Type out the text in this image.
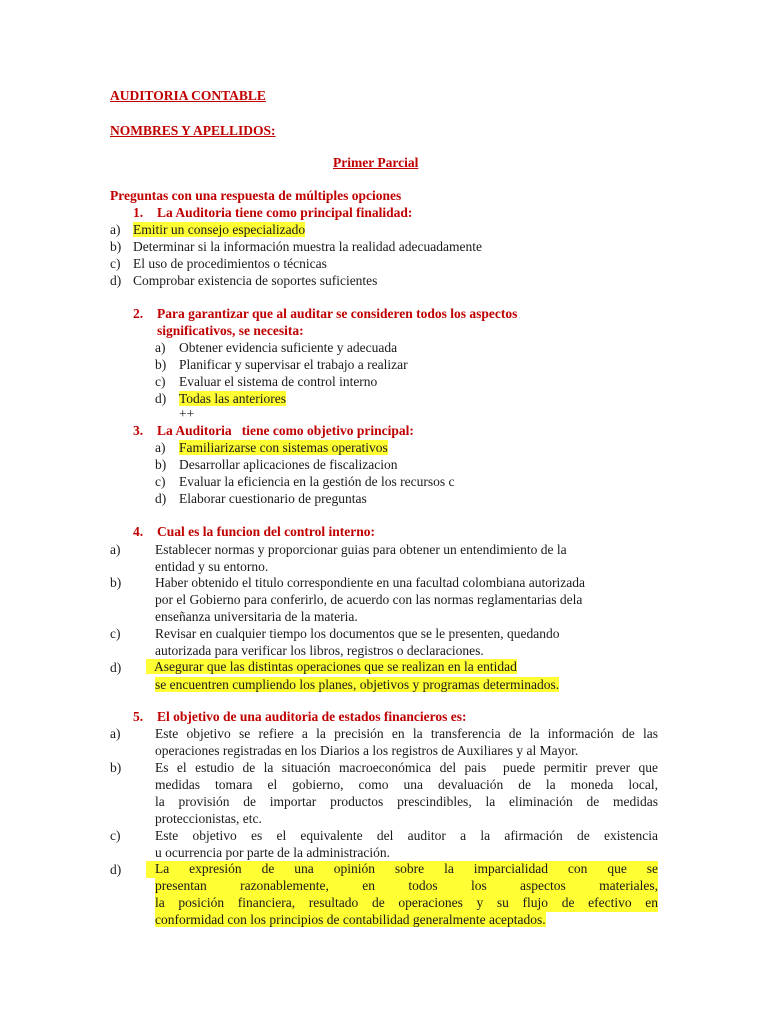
AUDITORIA CONTABLE
NOMBRES Y APELLIDOS:
Primer Parcial
Preguntas con una respuesta de múltiples opciones
1. La Auditoria tiene como principal finalidad:
a) Emitir un consejo especializado
b) Determinar si la información muestra la realidad adecuadamente
c) El uso de procedimientos o técnicas
d) Comprobar existencia de soportes suficientes
2. Para garantizar que al auditar se consideren todos los aspectos
significativos, se necesita:
a) Obtener evidencia suficiente y adecuada
b) Planificar y supervisar el trabajo a realizar
c) Evaluar el sistema de control interno
d) Todas las anteriores
++
3. La Auditoria   tiene como objetivo principal:
a) Familiarizarse con sistemas operativos
b) Desarrollar aplicaciones de fiscalizacion
c) Evaluar la eficiencia en la gestión de los recursos c
d) Elaborar cuestionario de preguntas
4. Cual es la funcion del control interno:
a)	Establecer normas y proporcionar guias para obtener un entendimiento de la
entidad y su entorno.
b)	Haber obtenido el titulo correspondiente en una facultad colombiana autorizada
por el Gobierno para conferirlo, de acuerdo con las normas reglamentarias dela
enseñanza universitaria de la materia.
c)	Revisar en cualquier tiempo los documentos que se le presenten, quedando
autorizada para verificar los libros, registros o declaraciones.
d)	Asegurar que las distintas operaciones que se realizan en la entidad
se encuentren cumpliendo los planes, objetivos y programas determinados.
5. El objetivo de una auditoria de estados financieros es:
a)	Este objetivo se refiere a la precisión en la transferencia de la información de las
operaciones registradas en los Diarios a los registros de Auxiliares y al Mayor.
b)	Es el estudio de la situación macroeconómica del pais  puede permitir prever que
medidas tomara el gobierno, como una devaluación de la moneda local,
la provisión de importar productos prescindibles, la eliminación de medidas
proteccionistas, etc.
c)	Este objetivo es el equivalente del auditor a la afirmación de existencia
u ocurrencia por parte de la administración.
d)	La expresión de una opinión sobre la imparcialidad con que se
presentan razonablemente, en todos los aspectos materiales,
la posición financiera, resultado de operaciones y su flujo de efectivo en
conformidad con los principios de contabilidad generalmente aceptados.
